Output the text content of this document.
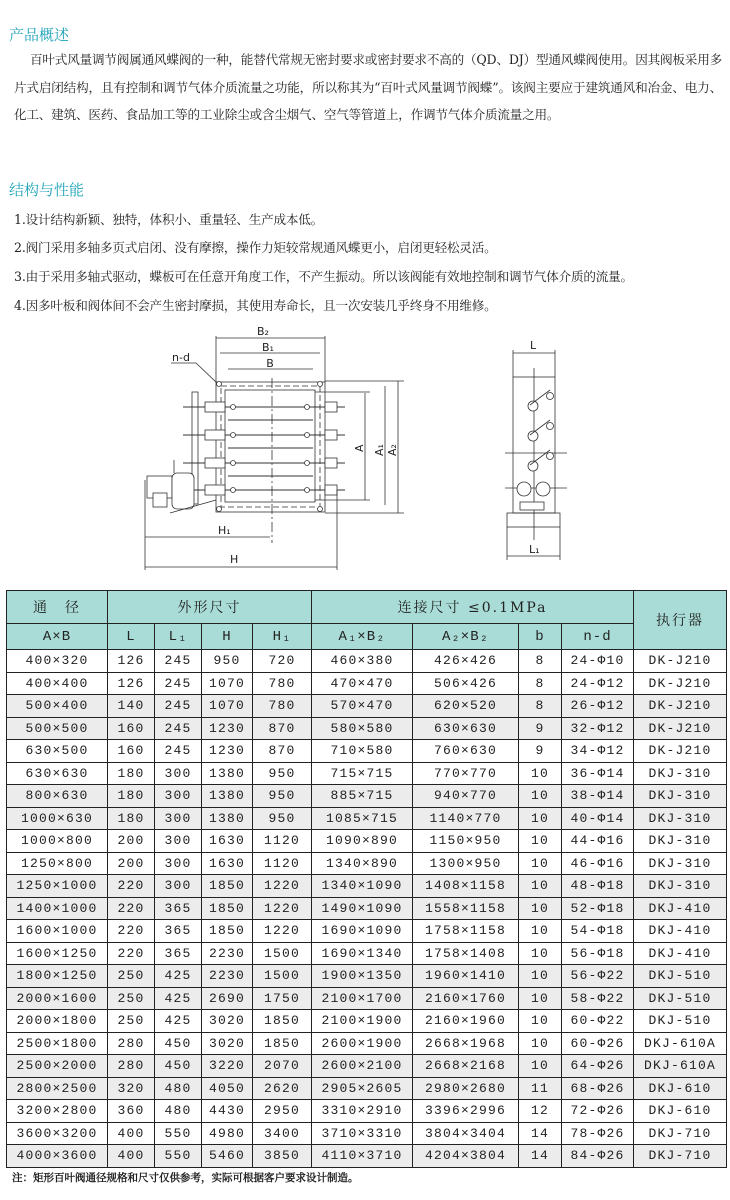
产品概述
百叶式风量调节阀属通风蝶阀的一种，能替代常规无密封要求或密封要求不高的（QD、DJ）型通风蝶阀使用。因其阀板采用多片式启闭结构，且有控制和调节气体介质流量之功能，所以称其为“百叶式风量调节阀蝶”。该阀主要应于建筑通风和冶金、电力、化工、建筑、医药、食品加工等的工业除尘或含尘烟气、空气等管道上，作调节气体介质流量之用。
结构与性能
1.设计结构新颖、独特，体积小、重量轻、生产成本低。
2.阀门采用多轴多页式启闭、没有摩擦，操作力矩较常规通风蝶更小，启闭更轻松灵活。
3.由于采用多轴式驱动，蝶板可在任意开角度工作，不产生振动。所以该阀能有效地控制和调节气体介质的流量。
4.因多叶板和阀体间不会产生密封摩损，其使用寿命长，且一次安装几乎终身不用维修。
B₂
B₁
B
n-d
A A₁ A₂
H₁
H
L
L₁
通　径	外形尺寸				连接尺寸 ≤0.1MPa				执行器
A×B	L	L₁	H	H₁	A₁×B₂	A₂×B₂	b	n-d	
400×320	126	245	950	720	460×380	426×426	8	24-Φ10	DK-J210
400×400	126	245	1070	780	470×470	506×426	8	24-Φ12	DK-J210
500×400	140	245	1070	780	570×470	620×520	8	26-Φ12	DK-J210
500×500	160	245	1230	870	580×580	630×630	9	32-Φ12	DK-J210
630×500	160	245	1230	870	710×580	760×630	9	34-Φ12	DK-J210
630×630	180	300	1380	950	715×715	770×770	10	36-Φ14	DKJ-310
800×630	180	300	1380	950	885×715	940×770	10	38-Φ14	DKJ-310
1000×630	180	300	1380	950	1085×715	1140×770	10	40-Φ14	DKJ-310
1000×800	200	300	1630	1120	1090×890	1150×950	10	44-Φ16	DKJ-310
1250×800	200	300	1630	1120	1340×890	1300×950	10	46-Φ16	DKJ-310
1250×1000	220	300	1850	1220	1340×1090	1408×1158	10	48-Φ18	DKJ-310
1400×1000	220	365	1850	1220	1490×1090	1558×1158	10	52-Φ18	DKJ-410
1600×1000	220	365	1850	1220	1690×1090	1758×1158	10	54-Φ18	DKJ-410
1600×1250	220	365	2230	1500	1690×1340	1758×1408	10	56-Φ18	DKJ-410
1800×1250	250	425	2230	1500	1900×1350	1960×1410	10	56-Φ22	DKJ-510
2000×1600	250	425	2690	1750	2100×1700	2160×1760	10	58-Φ22	DKJ-510
2000×1800	250	425	3020	1850	2100×1900	2160×1960	10	60-Φ22	DKJ-510
2500×1800	280	450	3020	1850	2600×1900	2668×1968	10	60-Φ26	DKJ-610A
2500×2000	280	450	3220	2070	2600×2100	2668×2168	10	64-Φ26	DKJ-610A
2800×2500	320	480	4050	2620	2905×2605	2980×2680	11	68-Φ26	DKJ-610
3200×2800	360	480	4430	2950	3310×2910	3396×2996	12	72-Φ26	DKJ-610
3600×3200	400	550	4980	3400	3710×3310	3804×3404	14	78-Φ26	DKJ-710
4000×3600	400	550	5460	3850	4110×3710	4204×3804	14	84-Φ26	DKJ-710
注：矩形百叶阀通径规格和尺寸仅供参考，实际可根据客户要求设计制造。
